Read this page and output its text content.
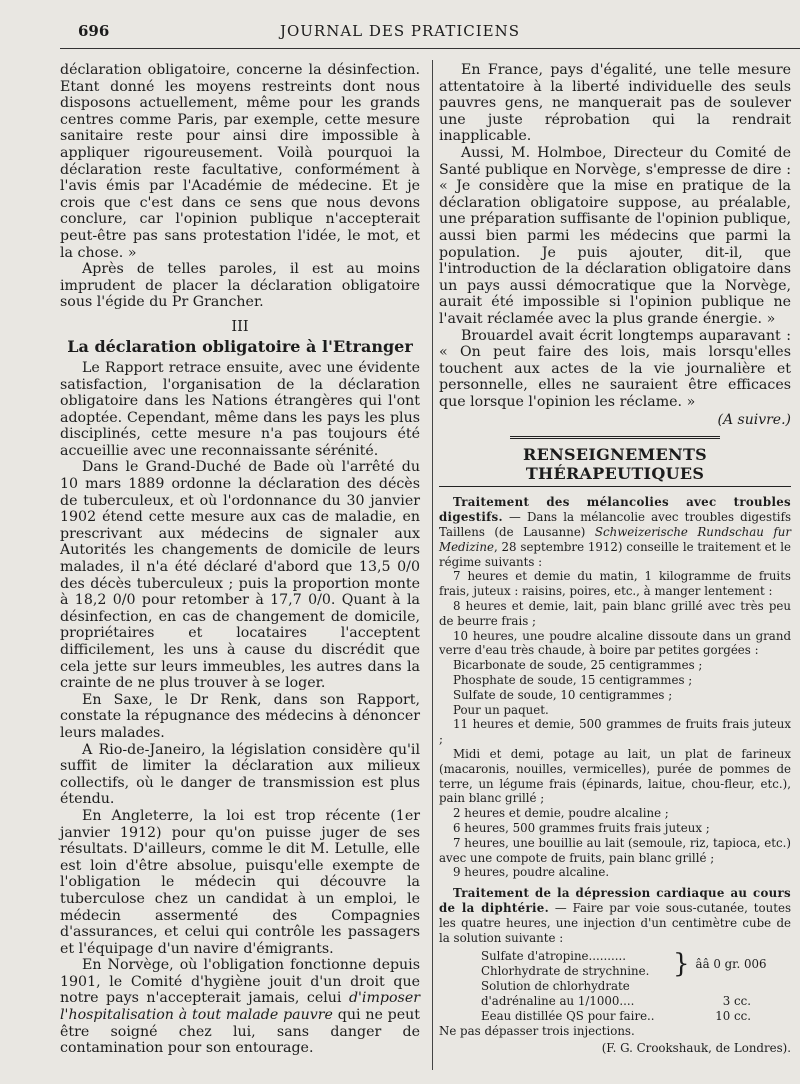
696	JOURNAL DES PRATICIENS

déclaration obligatoire, concerne la désinfection. Etant donné les moyens restreints dont nous disposons actuellement, même pour les grands centres comme Paris, par exemple, cette mesure sanitaire reste pour ainsi dire impossible à appliquer rigoureusement. Voilà pourquoi la déclaration reste facultative, conformément à l'avis émis par l'Académie de médecine. Et je crois que c'est dans ce sens que nous devons conclure, car l'opinion publique n'accepterait peut-être pas sans protestation l'idée, le mot, et la chose. »

Après de telles paroles, il est au moins imprudent de placer la déclaration obligatoire sous l'égide du Pr Grancher.

III
La déclaration obligatoire à l'Etranger

Le Rapport retrace ensuite, avec une évidente satisfaction, l'organisation de la déclaration obligatoire dans les Nations étrangères qui l'ont adoptée. Cependant, même dans les pays les plus disciplinés, cette mesure n'a pas toujours été accueillie avec une reconnaissante sérénité.

Dans le Grand-Duché de Bade où l'arrêté du 10 mars 1889 ordonne la déclaration des décès de tuberculeux, et où l'ordonnance du 30 janvier 1902 étend cette mesure aux cas de maladie, en prescrivant aux médecins de signaler aux Autorités les changements de domicile de leurs malades, il n'a été déclaré d'abord que 13,5 0/0 des décès tuberculeux ; puis la proportion monte à 18,2 0/0 pour retomber à 17,7 0/0. Quant à la désinfection, en cas de changement de domicile, propriétaires et locataires l'acceptent difficilement, les uns à cause du discrédit que cela jette sur leurs immeubles, les autres dans la crainte de ne plus trouver à se loger.

En Saxe, le Dr Renk, dans son Rapport, constate la répugnance des médecins à dénoncer leurs malades.

A Rio-de-Janeiro, la législation considère qu'il suffit de limiter la déclaration aux milieux collectifs, où le danger de transmission est plus étendu.

En Angleterre, la loi est trop récente (1er janvier 1912) pour qu'on puisse juger de ses résultats. D'ailleurs, comme le dit M. Letulle, elle est loin d'être absolue, puisqu'elle exempte de l'obligation le médecin qui découvre la tuberculose chez un candidat à un emploi, le médecin assermenté des Compagnies d'assurances, et celui qui contrôle les passagers et l'équipage d'un navire d'émigrants.

En Norvège, où l'obligation fonctionne depuis 1901, le Comité d'hygiène jouit d'un droit que notre pays n'accepterait jamais, celui d'imposer l'hospitalisation à tout malade pauvre qui ne peut être soigné chez lui, sans danger de contamination pour son entourage.

En France, pays d'égalité, une telle mesure attentatoire à la liberté individuelle des seuls pauvres gens, ne manquerait pas de soulever une juste réprobation qui la rendrait inapplicable.

Aussi, M. Holmboe, Directeur du Comité de Santé publique en Norvège, s'empresse de dire : « Je considère que la mise en pratique de la déclaration obligatoire suppose, au préalable, une préparation suffisante de l'opinion publique, aussi bien parmi les médecins que parmi la population. Je puis ajouter, dit-il, que l'introduction de la déclaration obligatoire dans un pays aussi démocratique que la Norvège, aurait été impossible si l'opinion publique ne l'avait réclamée avec la plus grande énergie. »

Brouardel avait écrit longtemps auparavant : « On peut faire des lois, mais lorsqu'elles touchent aux actes de la vie journalière et personnelle, elles ne sauraient être efficaces que lorsque l'opinion les réclame. »

(A suivre.)
RENSEIGNEMENTS THÉRAPEUTIQUES

Traitement des mélancolies avec troubles digestifs. — Dans la mélancolie avec troubles digestifs Taillens (de Lausanne) Schweizerische Rundschau fur Medizine, 28 septembre 1912) conseille le traitement et le régime suivants :

7 heures et demie du matin, 1 kilogramme de fruits frais, juteux : raisins, poires, etc., à manger lentement :

8 heures et demie, lait, pain blanc grillé avec très peu de beurre frais ;

10 heures, une poudre alcaline dissoute dans un grand verre d'eau très chaude, à boire par petites gorgées :

Bicarbonate de soude, 25 centigrammes ;

Phosphate de soude, 15 centigrammes ;

Sulfate de soude, 10 centigrammes ;

Pour un paquet.

11 heures et demie, 500 grammes de fruits frais juteux ;

Midi et demi, potage au lait, un plat de farineux (macaronis, nouilles, vermicelles), purée de pommes de terre, un légume frais (épinards, laitue, chou-fleur, etc.), pain blanc grillé ;

2 heures et demie, poudre alcaline ;

6 heures, 500 grammes fruits frais juteux ;

7 heures, une bouillie au lait (semoule, riz, tapioca, etc.) avec une compote de fruits, pain blanc grillé ;

9 heures, poudre alcaline.

Traitement de la dépression cardiaque au cours de la diphtérie. — Faire par voie sous-cutanée, toutes les quatre heures, une injection d'un centimètre cube de la solution suivante :

Sulfate d'atropine..........
Chlorhydrate de strychnine. } ââ 0 gr. 006
Solution de chlorhydrate
d'adrénaline au 1/1000....	3 cc.
Eeau distillée QS pour faire..	10 cc.

Ne pas dépasser trois injections.

(F. G. Crookshauk, de Londres).
